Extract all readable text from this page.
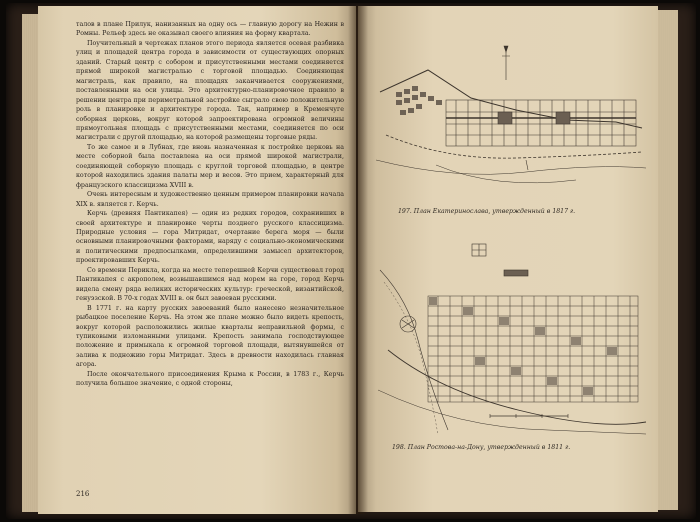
талов в плане Прилук, нанизанных на одну ось — главную дорогу на Нежин в Ромны. Рельеф здесь не оказывал своего влияния на форму квартала.

Поучительный в чертежах планов этого периода является осевая разбивка улиц и площадей центра города в зависимости от существующих опорных зданий. Старый центр с собором и присутственными местами соединяется прямой широкой магистралью с торговой площадью. Соединяющая магистраль, как правило, на площадях заканчивается сооружениями, поставленными на оси улицы. Это архитектурно-планировочное правило в решении центра при периметральной застройке сыграло свою положительную роль в планировке и архитектуре города. Так, например в Кременчуге соборная церковь, вокруг которой запроектирована огромной величины прямоугольная площадь с присутственными местами, соединяется по оси магистрали с другой площадью, на которой размещены торговые ряды.

То же самое и в Лубнах, где вновь назначенная к постройке церковь на месте соборной была поставлена на оси прямой широкой магистрали, соединяющей соборную площадь с круглой торговой площадью, в центре которой находились здания палаты мер и весов. Это прием, характерный для французского классицизма XVIII в.

Очень интересным и художественно ценным примером планировки начала XIX в. является г. Керчь.

Керчь (древняя Пантикапея) — один из редких городов, сохранивших в своей архитектуре и планировке черты позднего русского классицизма. Природные условия — гора Митридат, очертание берега моря — были основными планировочными факторами, наряду с социально-экономическими и политическими предпосылками, определившими замысел архитекторов, проектировавших Керчь.

Со времени Перикла, когда на месте теперешней Керчи существовал город Пантикапея с акрополем, возвышавшимся над морем на горе, город Керчь видела смену ряда великих исторических культур: греческой, византийской, генуэзской. В 70-х годах XVIII в. он был завоеван русскими.

В 1771 г. на карту русских завоеваний было нанесено незначительное рыбацкое поселение Керчь. На этом же плане можно было видеть крепость, вокруг которой расположились жилые кварталы неправильной формы, с тупиковыми изломанными улицами. Крепость занимала господствующее положение и примыкала к огромной торговой площади, вытянувшейся от залива к подножию горы Митридат. Здесь в древности находилась главная агора.

После окончательного присоединения Крыма к России, в 1783 г., Керчь получила большое значение, с одной стороны,

216
197. План Екатеринослава, утвержденный в 1817 г.
198. План Ростова-на-Дону, утвержденный в 1811 г.
